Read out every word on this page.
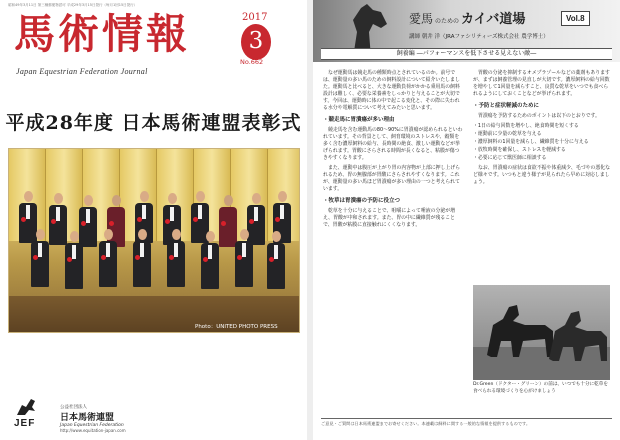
昭和49年3月11日 第三種郵便物認可 平成29年3月15日発行（毎月1回15日発行）
馬術情報	2017
3
No.662
Japan Equestrian Federation Journal
平成28年度 日本馬術連盟表彰式
Photo：UNITED PHOTO PRESS
JEF
公益社団法人
日本馬術連盟
Japan Equestrian Federation
http://www.equitation-japan.com
愛馬 のための カイバ道場	Vol.8
講師 朝井 洋（JRAファシリティーズ株式会社 農学博士）
飼養編 ―パフォーマンスを低下させる見えない敵―

なぜ運動馬は競走馬の種類時点とされているのか。前号では、運動量の多い馬のための飼料設計について紹介いたしました。運動馬と比べると、大きな運動負荷がかかる乗用馬の飼料設計は難しく、必要な栄養素をしっかりと与えることが大切です。今回は、運動時に体の中で起こる変化と、その際に失われる水分や電解質について考えてみたいと思います。

・競走馬に胃潰瘍が多い理由

競走馬を含む運動馬の80〜90%に胃潰瘍が認められるといわれています。その背景として、飼育環境のストレスや、穀類を多く含む濃厚飼料の給与、長時間の絶食、激しい運動などが挙げられます。胃酸にさらされる時間が長くなると、粘膜が傷つきやすくなります。

また、運動中は腹圧が上がり胃の内容物が上部に押し上げられるため、胃の無腺部が胃酸にさらされやすくなります。これが、運動量の多い馬ほど胃潰瘍が多い理由の一つと考えられています。

・牧草は胃潰瘍の予防に役立つ

乾草を十分に与えることで、咀嚼によって唾液の分泌が増え、胃酸が中和されます。また、胃の中に繊維質が残ることで、胃酸が粘膜に直接触れにくくなります。

胃酸の分泌を抑制するオメプラゾールなどの薬剤もありますが、まずは飼養管理の見直しが大切です。濃厚飼料の給与回数を増やして1回量を減らすこと、良質な乾草をいつでも食べられるようにしておくことなどが挙げられます。

・予防と症状軽減のために

胃潰瘍を予防するためのポイントは以下のとおりです。

・1日の給与回数を増やし、絶食時間を短くする
・運動前に少量の乾草を与える
・濃厚飼料の1回量を減らし、繊維質を十分に与える
・放牧時間を確保し、ストレスを軽減する
・必要に応じて獣医師に相談する

なお、胃潰瘍の症状は食欲不振や体重減少、毛づやの悪化など様々です。いつもと違う様子が見られたら早めに対応しましょう。

Dr.Green（ドクター・グリーン）の前は、いつでも十分に乾草を食べられる環境づくりを心がけましょう
ご意見・ご質問は日本馬術連盟までお寄せください。本連載は飼料に関する一般的な情報を提供するものです。
